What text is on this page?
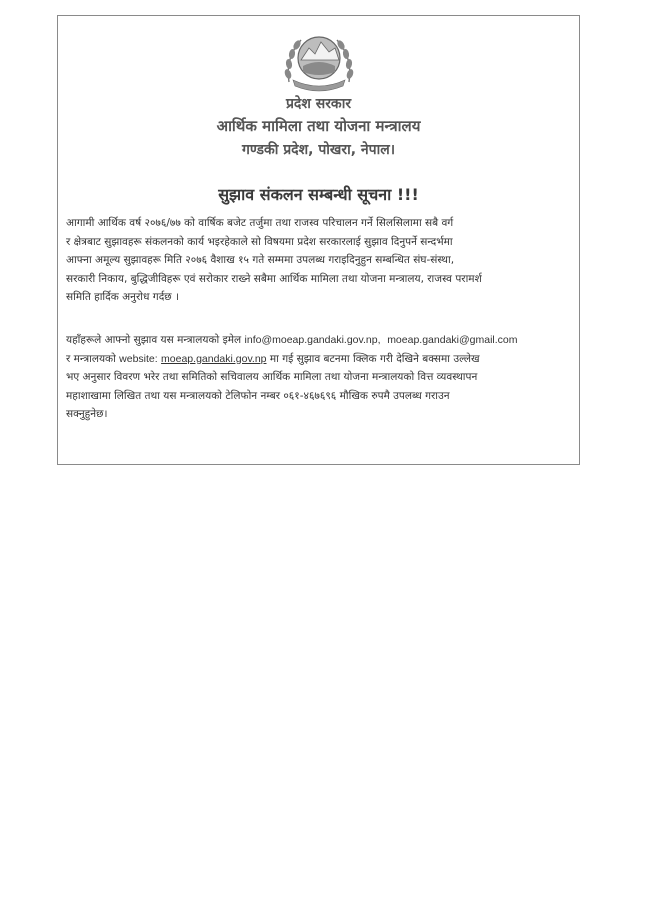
प्रदेश सरकार
आर्थिक मामिला तथा योजना मन्त्रालय
गण्डकी प्रदेश, पोखरा, नेपाल।
सुझाव संकलन सम्बन्धी सूचना !!!
आगामी आर्थिक वर्ष २०७६/७७ को वार्षिक बजेट तर्जुमा तथा राजस्व परिचालन गर्ने सिलसिलामा सबै वर्ग
र क्षेत्रबाट सुझावहरू संकलनको कार्य भइरहेकाले सो विषयमा प्रदेश सरकारलाई सुझाव दिनुपर्ने सन्दर्भमा
आफ्ना अमूल्य सुझावहरू मिति २०७६ वैशाख १५ गते सम्ममा उपलब्ध गराइदिनुहुन सम्बन्धित संघ-संस्था,
सरकारी निकाय, बुद्धिजीविहरू एवं सरोकार राख्ने सबैमा आर्थिक मामिला तथा योजना मन्त्रालय, राजस्व परामर्श
समिति हार्दिक अनुरोध गर्दछ ।
यहाँहरूले आफ्नो सुझाव यस मन्त्रालयको इमेल info@moeap.gandaki.gov.np, moeap.gandaki@gmail.com
र मन्त्रालयको website: moeap.gandaki.gov.np मा गई सुझाव बटनमा क्लिक गरी देखिने बक्समा उल्लेख
भए अनुसार विवरण भरेर तथा समितिको सचिवालय आर्थिक मामिला तथा योजना मन्त्रालयको वित्त व्यवस्थापन
महाशाखामा लिखित तथा यस मन्त्रालयको टेलिफोन नम्बर ०६१-४६७६९६ मौखिक रुपमै उपलब्ध गराउन
सक्नुहुनेछ।
